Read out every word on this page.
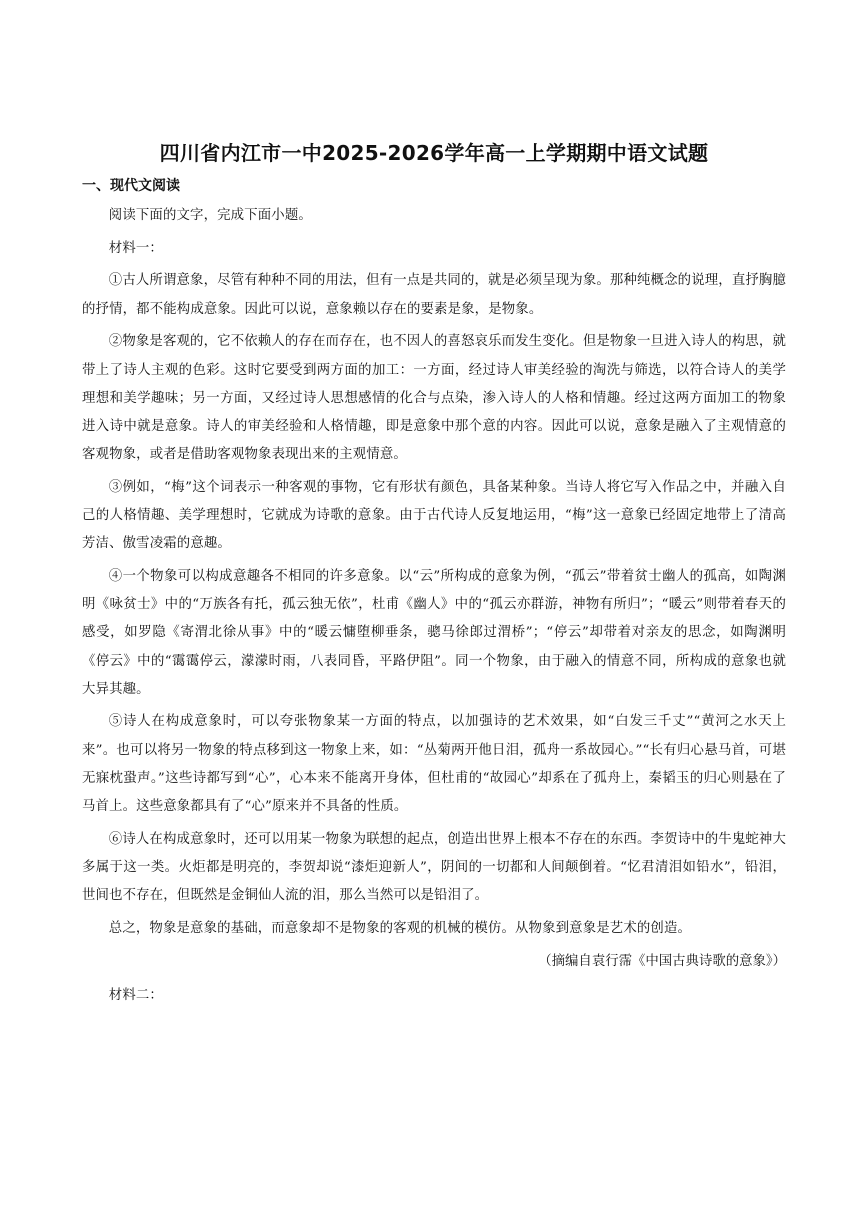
四川省内江市一中2025-2026学年高一上学期期中语文试题
一、现代文阅读

阅读下面的文字，完成下面小题。

材料一：

①古人所谓意象，尽管有种种不同的用法，但有一点是共同的，就是必须呈现为象。那种纯概念的说理，直抒胸臆的抒情，都不能构成意象。因此可以说，意象赖以存在的要素是象，是物象。

②物象是客观的，它不依赖人的存在而存在，也不因人的喜怒哀乐而发生变化。但是物象一旦进入诗人的构思，就带上了诗人主观的色彩。这时它要受到两方面的加工：一方面，经过诗人审美经验的淘洗与筛选，以符合诗人的美学理想和美学趣味；另一方面，又经过诗人思想感情的化合与点染，渗入诗人的人格和情趣。经过这两方面加工的物象进入诗中就是意象。诗人的审美经验和人格情趣，即是意象中那个意的内容。因此可以说，意象是融入了主观情意的客观物象，或者是借助客观物象表现出来的主观情意。

③例如，“梅”这个词表示一种客观的事物，它有形状有颜色，具备某种象。当诗人将它写入作品之中，并融入自己的人格情趣、美学理想时，它就成为诗歌的意象。由于古代诗人反复地运用，“梅”这一意象已经固定地带上了清高芳洁、傲雪凌霜的意趣。

④一个物象可以构成意趣各不相同的许多意象。以“云”所构成的意象为例，“孤云”带着贫士幽人的孤高，如陶渊明《咏贫士》中的“万族各有托，孤云独无依”，杜甫《幽人》中的“孤云亦群游，神物有所归”；“暖云”则带着春天的感受，如罗隐《寄渭北徐从事》中的“暖云慵堕柳垂条，骢马徐郎过渭桥”；“停云”却带着对亲友的思念，如陶渊明《停云》中的“霭霭停云，濛濛时雨，八表同昏，平路伊阻”。同一个物象，由于融入的情意不同，所构成的意象也就大异其趣。

⑤诗人在构成意象时，可以夸张物象某一方面的特点，以加强诗的艺术效果，如“白发三千丈”“黄河之水天上来”。也可以将另一物象的特点移到这一物象上来，如：“丛菊两开他日泪，孤舟一系故园心。”“长有归心悬马首，可堪无寐枕蛩声。”这些诗都写到“心”，心本来不能离开身体，但杜甫的“故园心”却系在了孤舟上，秦韬玉的归心则悬在了马首上。这些意象都具有了“心”原来并不具备的性质。

⑥诗人在构成意象时，还可以用某一物象为联想的起点，创造出世界上根本不存在的东西。李贺诗中的牛鬼蛇神大多属于这一类。火炬都是明亮的，李贺却说“漆炬迎新人”，阴间的一切都和人间颠倒着。“忆君清泪如铅水”，铅泪，世间也不存在，但既然是金铜仙人流的泪，那么当然可以是铅泪了。

总之，物象是意象的基础，而意象却不是物象的客观的机械的模仿。从物象到意象是艺术的创造。

（摘编自袁行霈《中国古典诗歌的意象》）

材料二：
